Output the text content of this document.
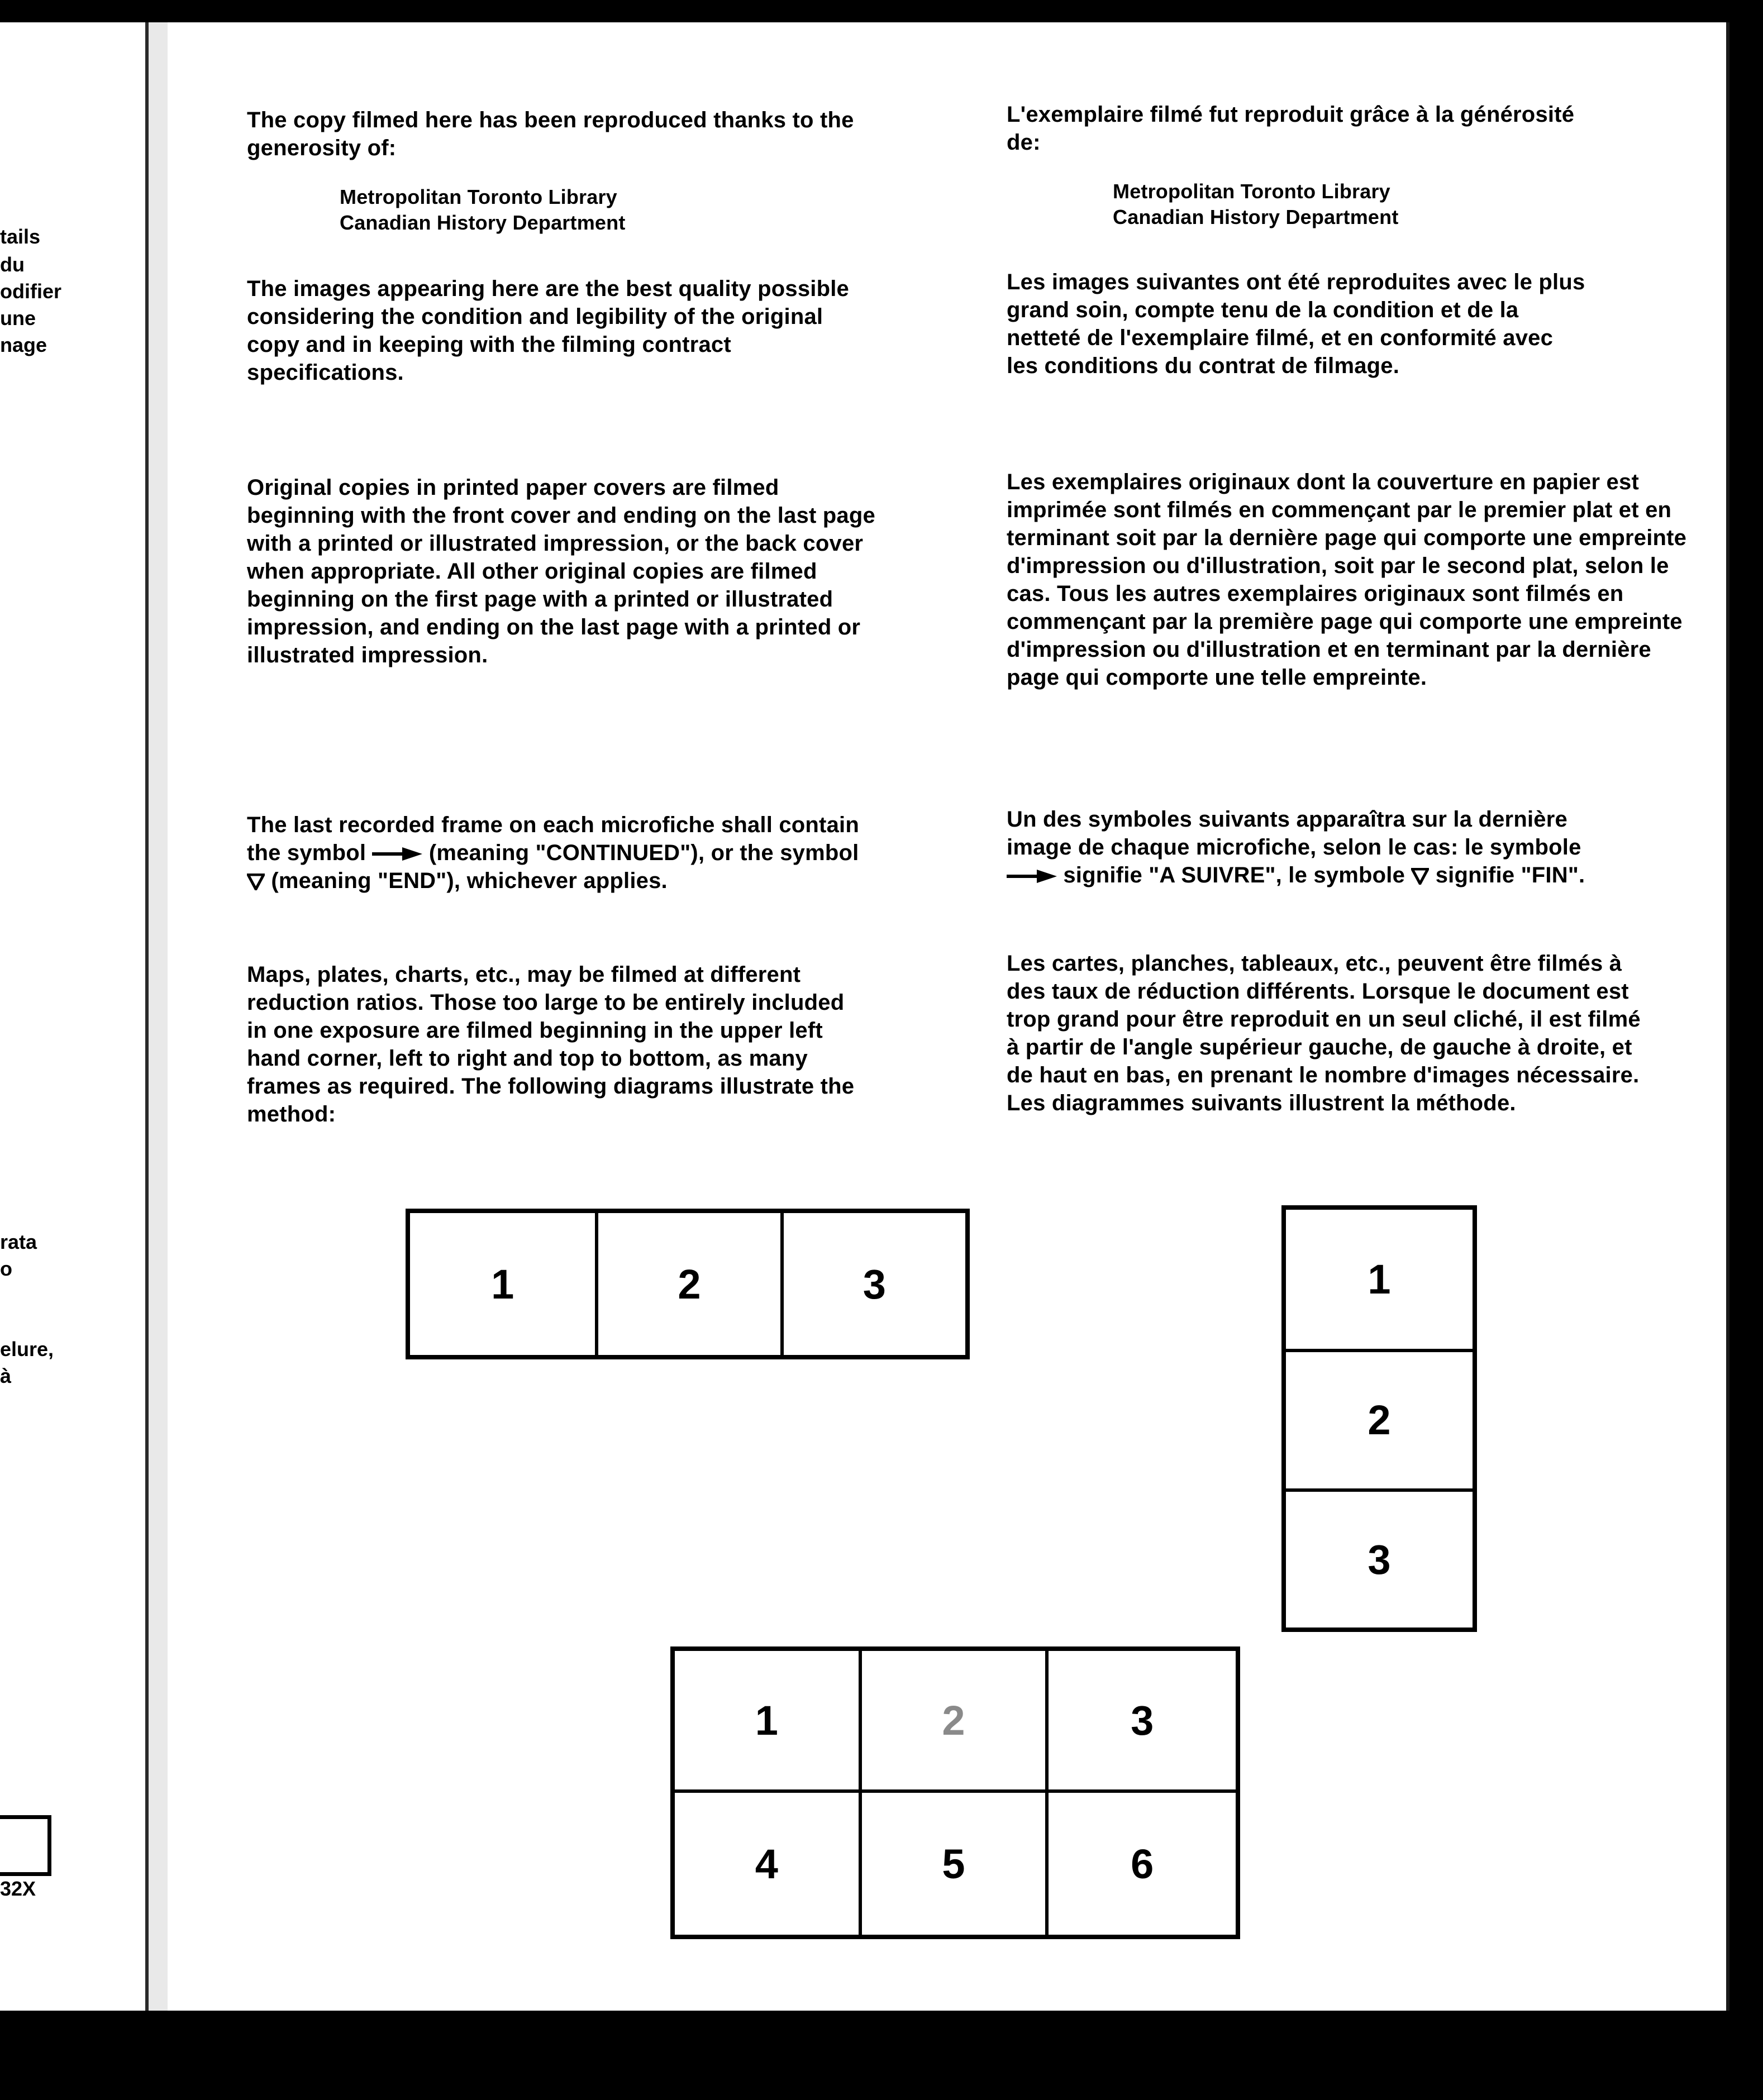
tails
du
odifier
une
nage
rata
o
elure,
à
32X

The copy filmed here has been reproduced thanks to the generosity of:

Metropolitan Toronto Library

Canadian History Department

The images appearing here are the best quality possible considering the condition and legibility of the original copy and in keeping with the filming contract specifications.

Original copies in printed paper covers are filmed beginning with the front cover and ending on the last page with a printed or illustrated impression, or the back cover when appropriate. All other original copies are filmed beginning on the first page with a printed or illustrated impression, and ending on the last page with a printed or illustrated impression.

The last recorded frame on each microfiche shall contain the symbol	(meaning "CONTINUED"), or the symbol  (meaning "END"), whichever applies.

Maps, plates, charts, etc., may be filmed at different reduction ratios. Those too large to be entirely included in one exposure are filmed beginning in the upper left hand corner, left to right and top to bottom, as many frames as required. The following diagrams illustrate the method:

L'exemplaire filmé fut reproduit grâce à la générosité de:

Metropolitan Toronto Library

Canadian History Department

Les images suivantes ont été reproduites avec le plus grand soin, compte tenu de la condition et de la netteté de l'exemplaire filmé, et en conformité avec les conditions du contrat de filmage.

Les exemplaires originaux dont la couverture en papier est imprimée sont filmés en commençant par le premier plat et en terminant soit par la dernière page qui comporte une empreinte d'impression ou d'illustration, soit par le second plat, selon le cas. Tous les autres exemplaires originaux sont filmés en commençant par la première page qui comporte une empreinte d'impression ou d'illustration et en terminant par la dernière page qui comporte une telle empreinte.

Un des symboles suivants apparaîtra sur la dernière image de chaque microfiche, selon le cas: le symbole  signifie "A SUIVRE", le symbole signifie "FIN".

Les cartes, planches, tableaux, etc., peuvent être filmés à des taux de réduction différents. Lorsque le document est trop grand pour être reproduit en un seul cliché, il est filmé à partir de l'angle supérieur gauche, de gauche à droite, et de haut en bas, en prenant le nombre d'images nécessaire. Les diagrammes suivants illustrent la méthode.

1	2	3	1
2
3
1	2	3
4	5	6
